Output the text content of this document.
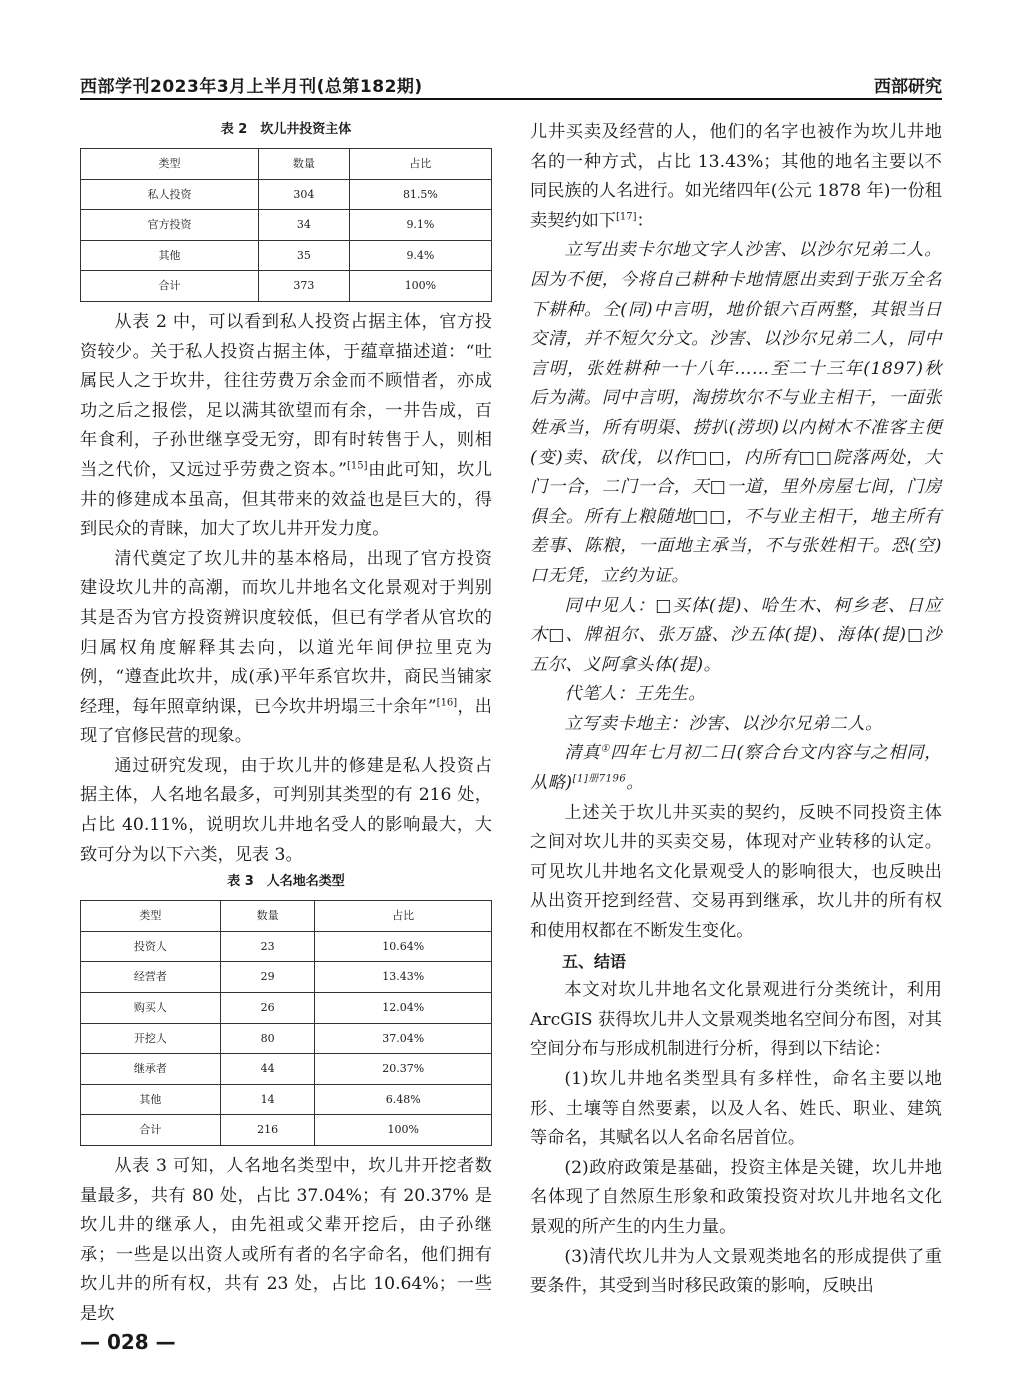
西部学刊2023年3月上半月刊(总第182期)	西部研究
表 2　坎儿井投资主体
类型	数量	占比
私人投资	304	81.5%
官方投资	34	9.1%
其他	35	9.4%
合计	373	100%

从表 2 中，可以看到私人投资占据主体，官方投资较少。关于私人投资占据主体，于蕴章描述道：“吐属民人之于坎井，往往劳费万余金而不顾惜者，亦成功之后之报偿，足以满其欲望而有余，一井告成，百年食利，子孙世继享受无穷，即有时转售于人，则相当之代价，又远过乎劳费之资本。”[15]由此可知，坎儿井的修建成本虽高，但其带来的效益也是巨大的，得到民众的青睐，加大了坎儿井开发力度。

清代奠定了坎儿井的基本格局，出现了官方投资建设坎儿井的高潮，而坎儿井地名文化景观对于判别其是否为官方投资辨识度较低，但已有学者从官坎的归属权角度解释其去向，以道光年间伊拉里克为例，“遵查此坎井，成(承)平年系官坎井，商民当铺家经理，每年照章纳课，已今坎井坍塌三十余年”[16]，出现了官修民营的现象。

通过研究发现，由于坎儿井的修建是私人投资占据主体，人名地名最多，可判别其类型的有 216 处，占比 40.11%，说明坎儿井地名受人的影响最大，大致可分为以下六类，见表 3。

表 3　人名地名类型
类型	数量	占比
投资人	23	10.64%
经营者	29	13.43%
购买人	26	12.04%
开挖人	80	37.04%
继承者	44	20.37%
其他	14	6.48%
合计	216	100%

从表 3 可知，人名地名类型中，坎儿井开挖者数量最多，共有 80 处，占比 37.04%；有 20.37% 是坎儿井的继承人，由先祖或父辈开挖后，由子孙继承；一些是以出资人或所有者的名字命名，他们拥有坎儿井的所有权，共有 23 处，占比 10.64%；一些是坎

儿井买卖及经营的人，他们的名字也被作为坎儿井地名的一种方式，占比 13.43%；其他的地名主要以不同民族的人名进行。如光绪四年(公元 1878 年)一份租卖契约如下[17]：

立写出卖卡尔地文字人沙害、以沙尔兄弟二人。因为不便，今将自己耕种卡地情愿出卖到于张万全名下耕种。仝(同)中言明，地价银六百两整，其银当日交清，并不短欠分文。沙害、以沙尔兄弟二人，同中言明，张姓耕种一十八年……至二十三年(1897)秋后为满。同中言明，淘捞坎尔不与业主相干，一面张姓承当，所有明渠、捞扒(涝坝)以内树木不准客主便(变)卖、砍伐，以作□□，内所有□□院落两处，大门一合，二门一合，天□一道，里外房屋七间，门房俱全。所有上粮随地□□，不与业主相干，地主所有差事、陈粮，一面地主承当，不与张姓相干。恐(空)口无凭，立约为证。

同中见人：□买体(提)、哈生木、柯乡老、日应木□、牌祖尔、张万盛、沙五体(提)、海体(提)□沙五尔、义阿拿头体(提)。

代笔人：王先生。

立写卖卡地主：沙害、以沙尔兄弟二人。

清真①四年七月初二日(察合台文内容与之相同，从略)$^{[1]册7196}$。

上述关于坎儿井买卖的契约，反映不同投资主体之间对坎儿井的买卖交易，体现对产业转移的认定。可见坎儿井地名文化景观受人的影响很大，也反映出从出资开挖到经营、交易再到继承，坎儿井的所有权和使用权都在不断发生变化。

五、结语

本文对坎儿井地名文化景观进行分类统计，利用 ArcGIS 获得坎儿井人文景观类地名空间分布图，对其空间分布与形成机制进行分析，得到以下结论：

(1)坎儿井地名类型具有多样性，命名主要以地形、土壤等自然要素，以及人名、姓氏、职业、建筑等命名，其赋名以人名命名居首位。

(2)政府政策是基础，投资主体是关键，坎儿井地名体现了自然原生形象和政策投资对坎儿井地名文化景观的所产生的内生力量。

(3)清代坎儿井为人文景观类地名的形成提供了重要条件，其受到当时移民政策的影响，反映出

— 028 —
